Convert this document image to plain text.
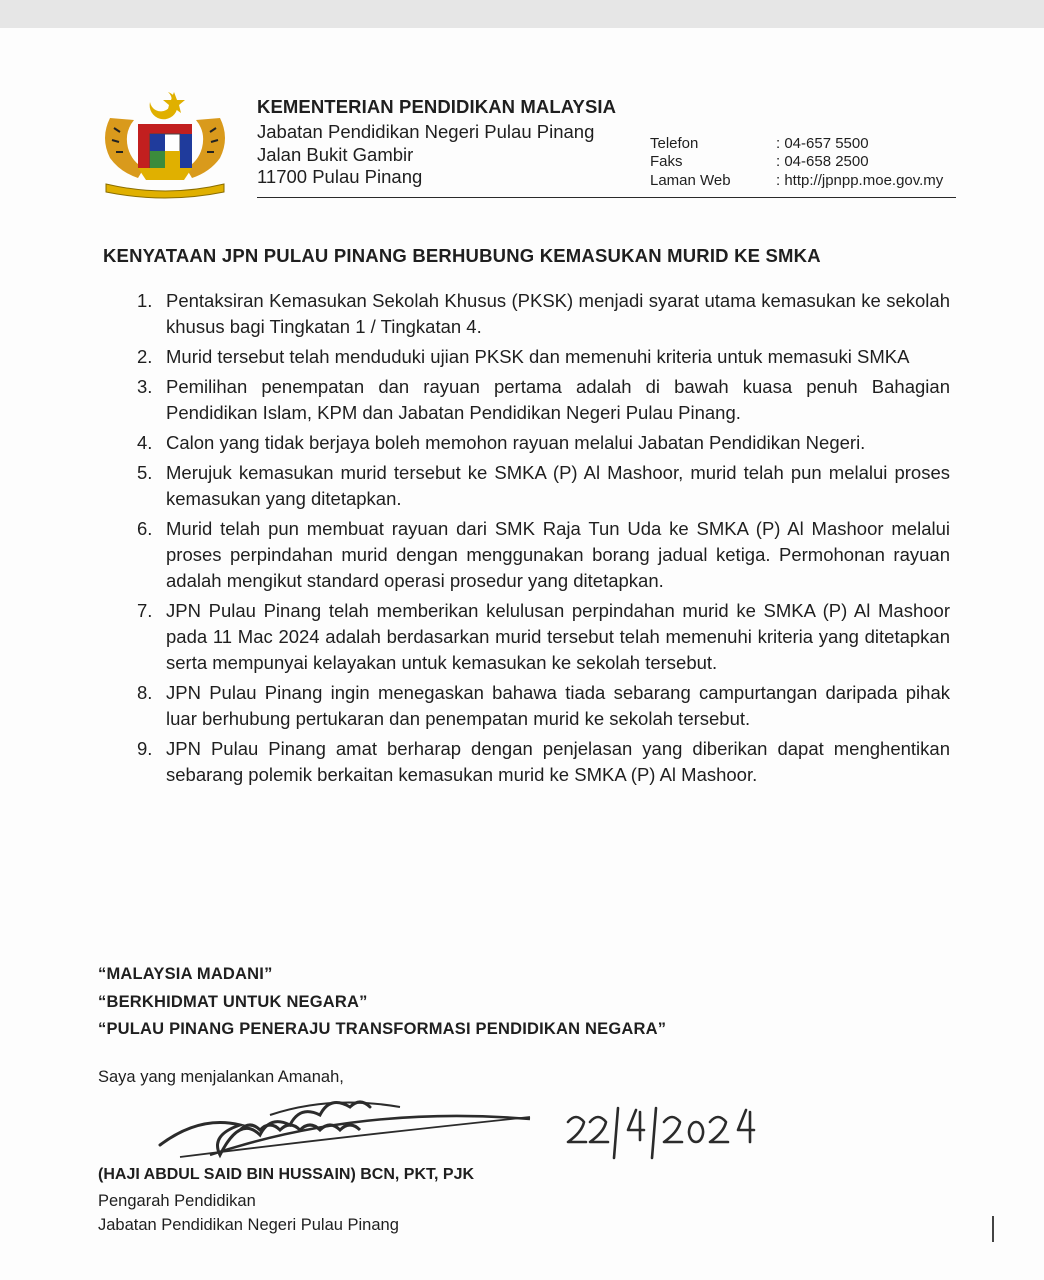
KEMENTERIAN PENDIDIKAN MALAYSIA
Jabatan Pendidikan Negeri Pulau Pinang
Jalan Bukit Gambir
11700 Pulau Pinang
Telefon	: 04-657 5500
Faks	: 04-658 2500
Laman Web	: http://jpnpp.moe.gov.my
KENYATAAN JPN PULAU PINANG BERHUBUNG KEMASUKAN MURID KE SMKA
1. Pentaksiran Kemasukan Sekolah Khusus (PKSK) menjadi syarat utama kemasukan ke sekolah khusus bagi Tingkatan 1 / Tingkatan 4.
2. Murid tersebut telah menduduki ujian PKSK dan memenuhi kriteria untuk memasuki SMKA
3. Pemilihan penempatan dan rayuan pertama adalah di bawah kuasa penuh Bahagian Pendidikan Islam, KPM dan Jabatan Pendidikan Negeri Pulau Pinang.
4. Calon yang tidak berjaya boleh memohon rayuan melalui Jabatan Pendidikan Negeri.
5. Merujuk kemasukan murid tersebut ke SMKA (P) Al Mashoor, murid telah pun melalui proses kemasukan yang ditetapkan.
6. Murid telah pun membuat rayuan dari SMK Raja Tun Uda ke SMKA (P) Al Mashoor melalui proses perpindahan murid dengan menggunakan borang jadual ketiga. Permohonan rayuan adalah mengikut standard operasi prosedur yang ditetapkan.
7. JPN Pulau Pinang telah memberikan kelulusan perpindahan murid ke SMKA (P) Al Mashoor pada 11 Mac 2024 adalah berdasarkan murid tersebut telah memenuhi kriteria yang ditetapkan serta mempunyai kelayakan untuk kemasukan ke sekolah tersebut.
8. JPN Pulau Pinang ingin menegaskan bahawa tiada sebarang campurtangan daripada pihak luar berhubung pertukaran dan penempatan murid ke sekolah tersebut.
9. JPN Pulau Pinang amat berharap dengan penjelasan yang diberikan dapat menghentikan sebarang polemik berkaitan kemasukan murid ke SMKA (P) Al Mashoor.
“MALAYSIA MADANI”
“BERKHIDMAT UNTUK NEGARA”
“PULAU PINANG PENERAJU TRANSFORMASI PENDIDIKAN NEGARA”
Saya yang menjalankan Amanah,
(HAJI ABDUL SAID BIN HUSSAIN) BCN, PKT, PJK
Pengarah Pendidikan
Jabatan Pendidikan Negeri Pulau Pinang
